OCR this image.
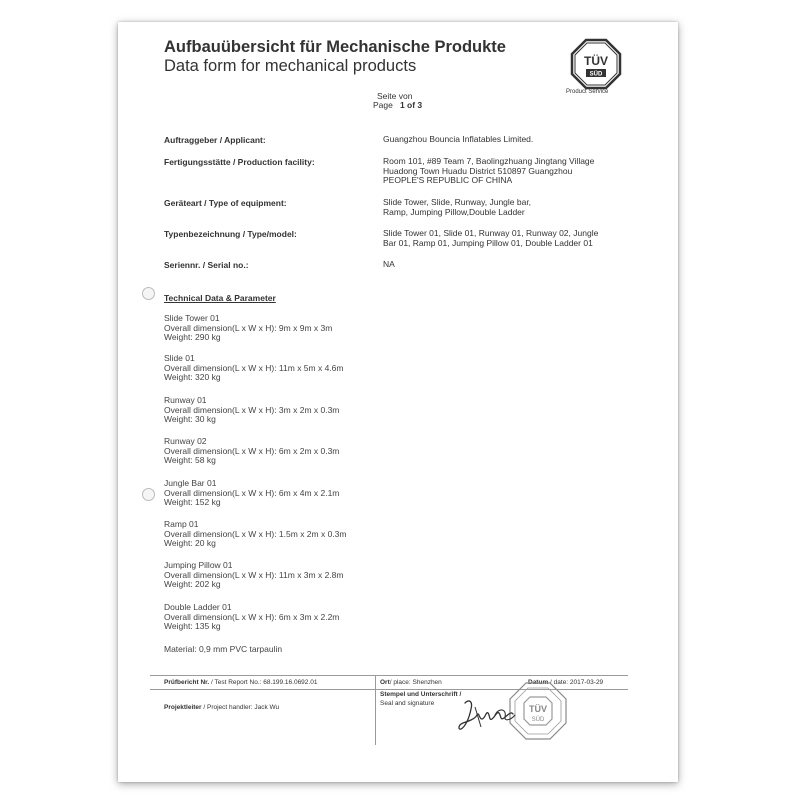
Aufbauübersicht für Mechanische Produkte
Data form for mechanical products	TÜV
SÜD
Product Service
Seite von
Page 1 of 3
Auftraggeber / Applicant:	Guangzhou Bouncia Inflatables Limited.
Fertigungsstätte / Production facility:	Room 101, #89 Team 7, Baolingzhuang Jingtang Village
Huadong Town Huadu District 510897 Guangzhou
PEOPLE'S REPUBLIC OF CHINA
Geräteart / Type of equipment:	Slide Tower, Slide, Runway, Jungle bar,
Ramp, Jumping Pillow,Double Ladder
Typenbezeichnung / Type/model:	Slide Tower 01, Slide 01, Runway 01, Runway 02, Jungle
Bar 01, Ramp 01, Jumping Pillow 01, Double Ladder 01
Seriennr. / Serial no.:	NA
Technical Data & Parameter
Slide Tower 01
Overall dimension(L x W x H): 9m x 9m x 3m
Weight: 290 kg
Slide 01
Overall dimension(L x W x H): 11m x 5m x 4.6m
Weight: 320 kg
Runway 01
Overall dimension(L x W x H): 3m x 2m x 0.3m
Weight: 30 kg
Runway 02
Overall dimension(L x W x H): 6m x 2m x 0.3m
Weight: 58 kg
Jungle Bar 01
Overall dimension(L x W x H): 6m x 4m x 2.1m
Weight: 152 kg
Ramp 01
Overall dimension(L x W x H): 1.5m x 2m x 0.3m
Weight: 20 kg
Jumping Pillow 01
Overall dimension(L x W x H): 11m x 3m x 2.8m
Weight: 202 kg
Double Ladder 01
Overall dimension(L x W x H): 6m x 3m x 2.2m
Weight: 135 kg
Material: 0,9 mm PVC tarpaulin
Prüfbericht Nr. / Test Report No.: 68.199.16.0692.01
Projektleiter / Project handler: Jack Wu
Ort/ place: Shenzhen	Datum / date: 2017-03-29
Stempel und Unterschrift /
Seal and signature
TÜV
SÜD
